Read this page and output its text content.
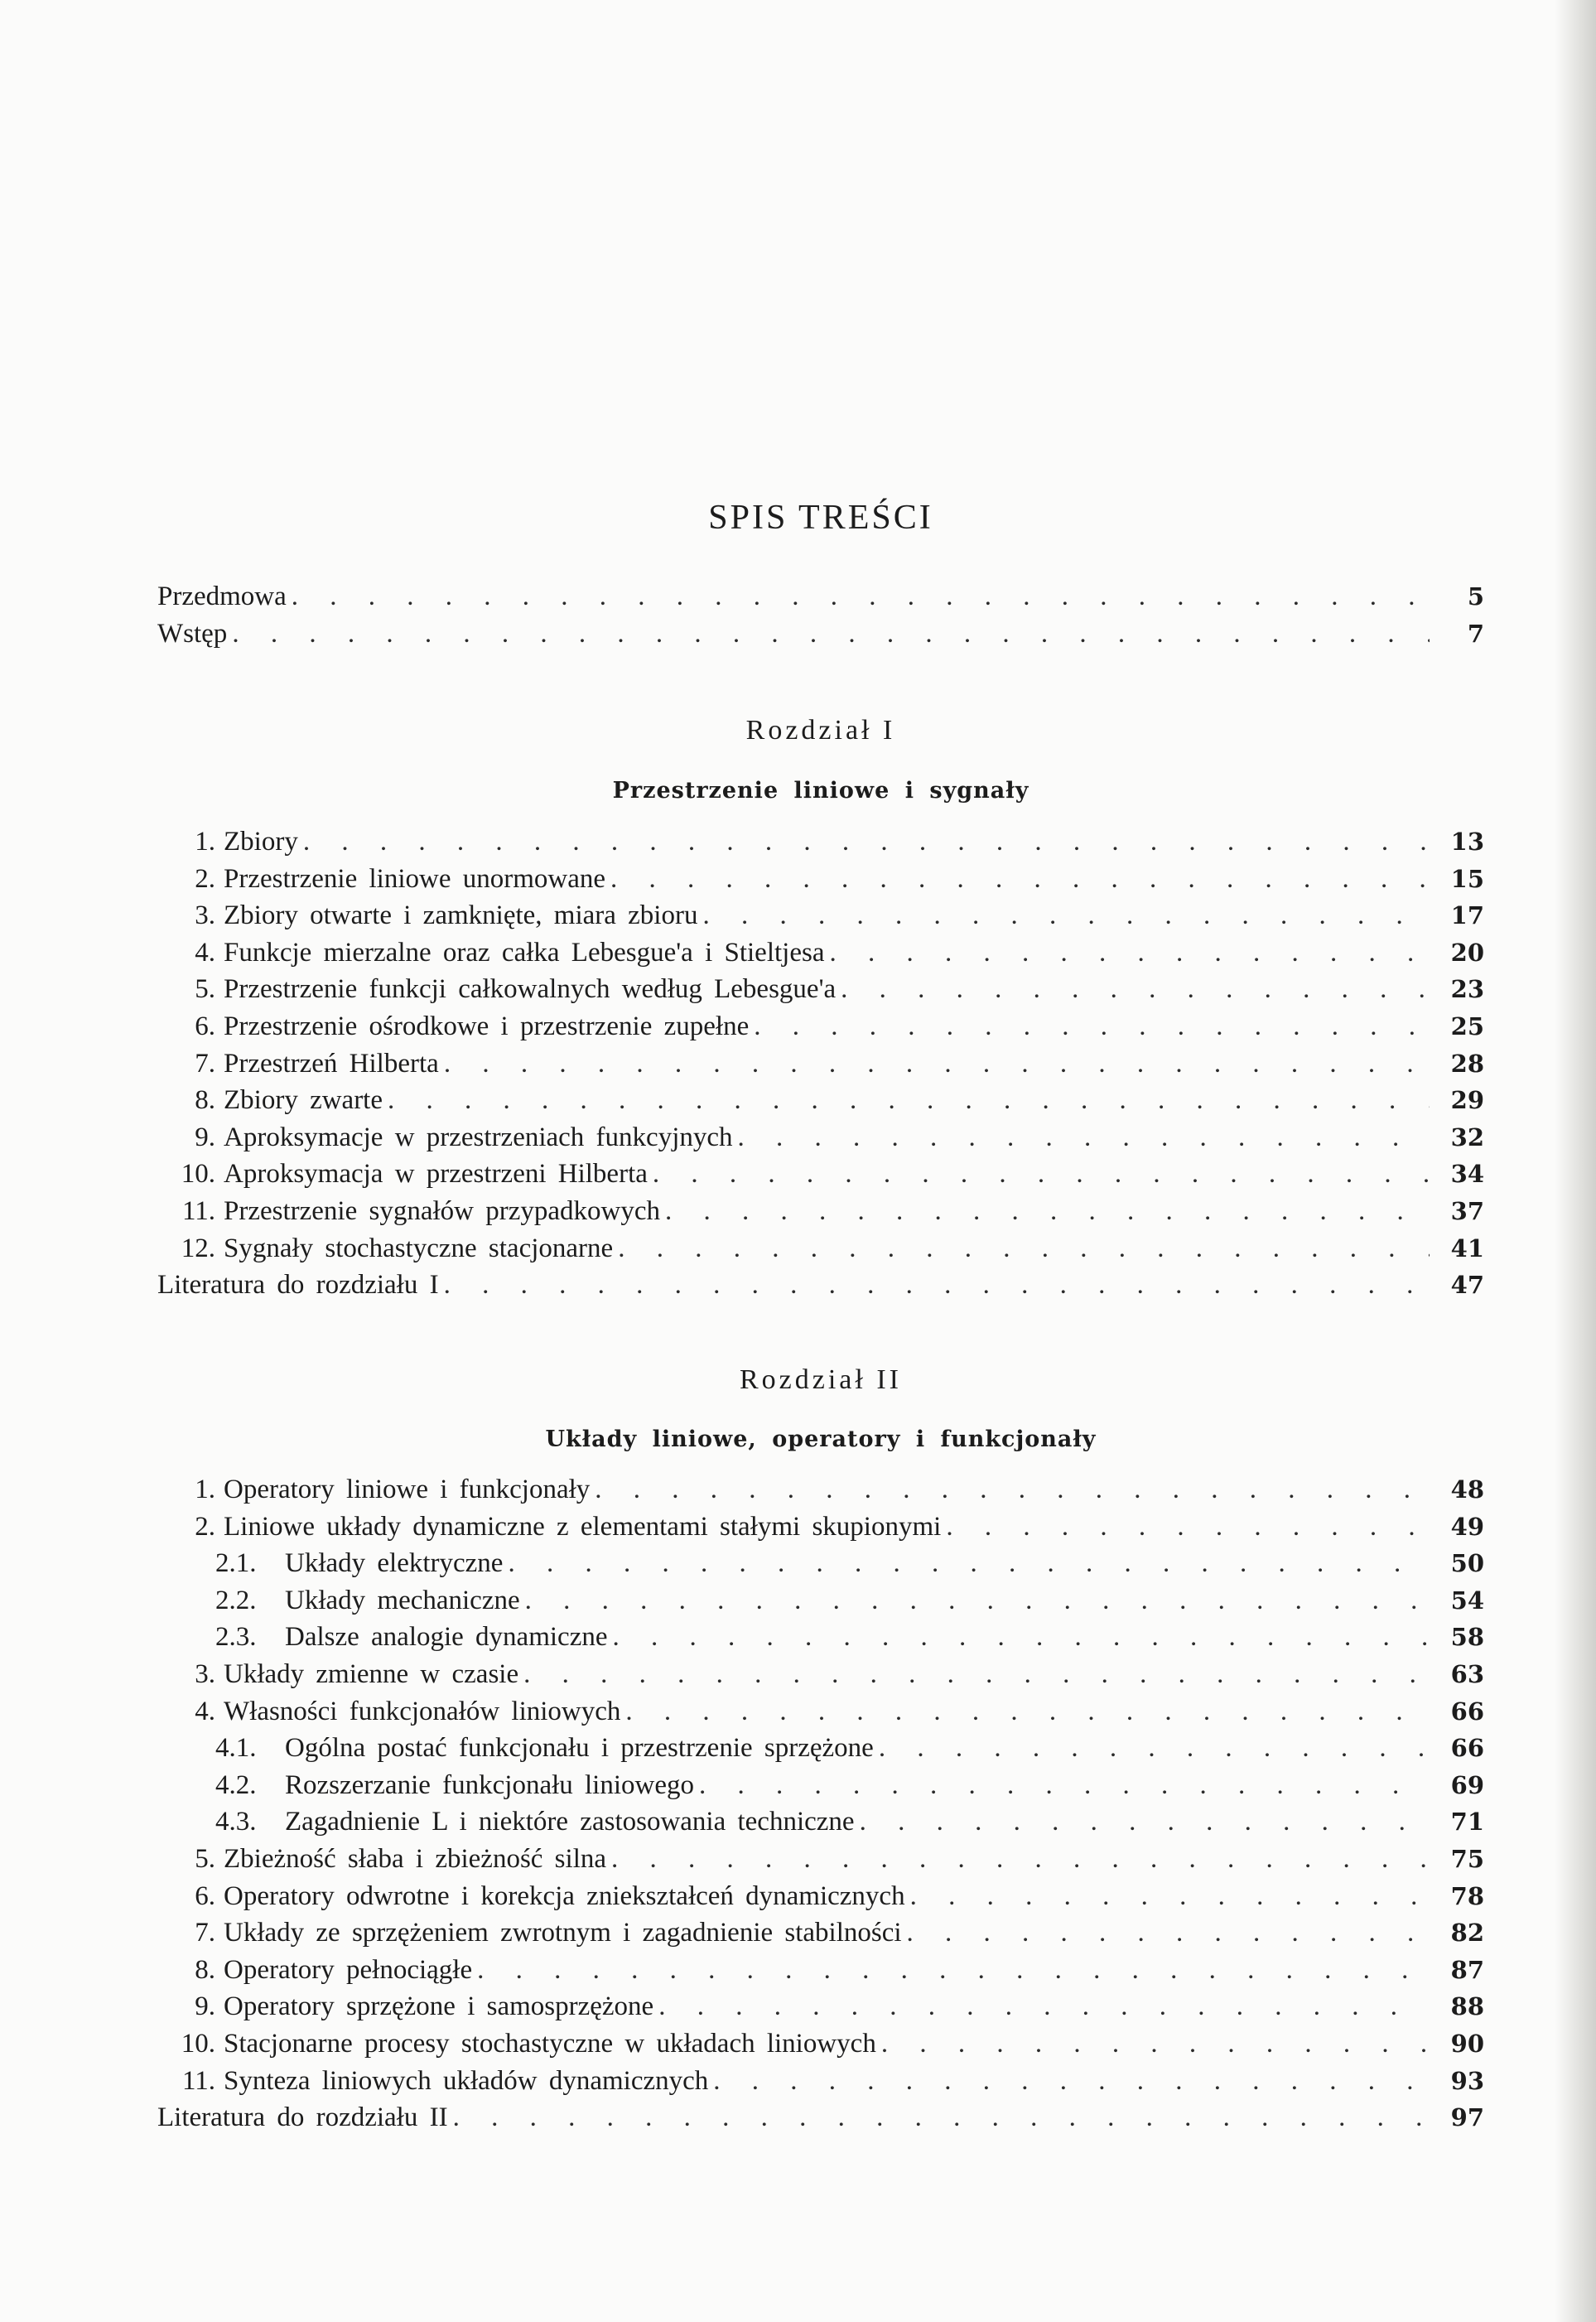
SPIS TREŚCI
Przedmowa . . .	5
Wstęp . . .	7
Rozdział I
Przestrzenie liniowe i sygnały
1. Zbiory . . .	13
2. Przestrzenie liniowe unormowane . . .	15
3. Zbiory otwarte i zamknięte, miara zbioru . . .	17
4. Funkcje mierzalne oraz całka Lebesgue'a i Stieltjesa . . .	20
5. Przestrzenie funkcji całkowalnych według Lebesgue'a . . .	23
6. Przestrzenie ośrodkowe i przestrzenie zupełne . . .	25
7. Przestrzeń Hilberta . . .	28
8. Zbiory zwarte . . .	29
9. Aproksymacje w przestrzeniach funkcyjnych . . .	32
10. Aproksymacja w przestrzeni Hilberta . . .	34
11. Przestrzenie sygnałów przypadkowych . . .	37
12. Sygnały stochastyczne stacjonarne . . .	41
Literatura do rozdziału I . . .	47
Rozdział II
Układy liniowe, operatory i funkcjonały
1. Operatory liniowe i funkcjonały . . .	48
2. Liniowe układy dynamiczne z elementami stałymi skupionymi . . .	49
2.1.	Układy elektryczne . . .	50
2.2.	Układy mechaniczne . . .	54
2.3.	Dalsze analogie dynamiczne . . .	58
3. Układy zmienne w czasie . . .	63
4. Własności funkcjonałów liniowych . . .	66
4.1.	Ogólna postać funkcjonału i przestrzenie sprzężone . . .	66
4.2.	Rozszerzanie funkcjonału liniowego . . .	69
4.3.	Zagadnienie L i niektóre zastosowania techniczne . . .	71
5. Zbieżność słaba i zbieżność silna . . .	75
6. Operatory odwrotne i korekcja zniekształceń dynamicznych . . .	78
7. Układy ze sprzężeniem zwrotnym i zagadnienie stabilności . . .	82
8. Operatory pełnociągłe . . .	87
9. Operatory sprzężone i samosprzężone . . .	88
10. Stacjonarne procesy stochastyczne w układach liniowych . . .	90
11. Synteza liniowych układów dynamicznych . . .	93
Literatura do rozdziału II . . .	97
